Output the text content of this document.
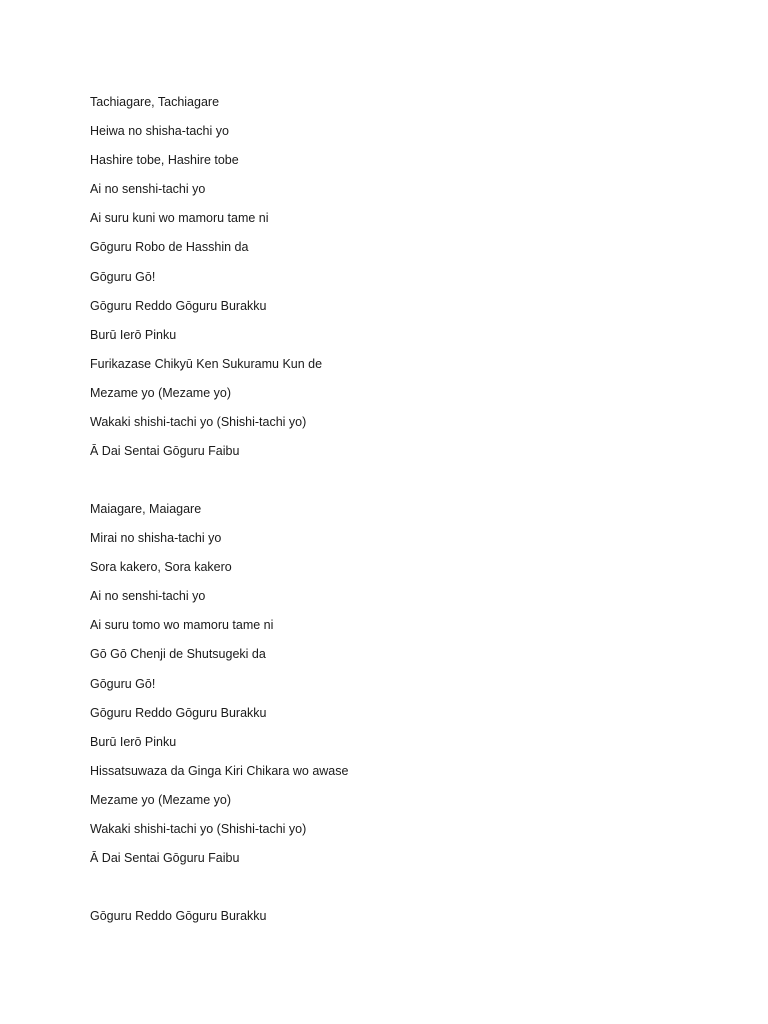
Tachiagare, Tachiagare
Heiwa no shisha-tachi yo
Hashire tobe, Hashire tobe
Ai no senshi-tachi yo
Ai suru kuni wo mamoru tame ni
Gōguru Robo de Hasshin da
Gōguru Gō!
Gōguru Reddo Gōguru Burakku
Burū Ierō Pinku
Furikazase Chikyū Ken Sukuramu Kun de
Mezame yo (Mezame yo)
Wakaki shishi-tachi yo (Shishi-tachi yo)
Ā Dai Sentai Gōguru Faibu
Maiagare, Maiagare
Mirai no shisha-tachi yo
Sora kakero, Sora kakero
Ai no senshi-tachi yo
Ai suru tomo wo mamoru tame ni
Gō Gō Chenji de Shutsugeki da
Gōguru Gō!
Gōguru Reddo Gōguru Burakku
Burū Ierō Pinku
Hissatsuwaza da Ginga Kiri Chikara wo awase
Mezame yo (Mezame yo)
Wakaki shishi-tachi yo (Shishi-tachi yo)
Ā Dai Sentai Gōguru Faibu
Gōguru Reddo Gōguru Burakku
